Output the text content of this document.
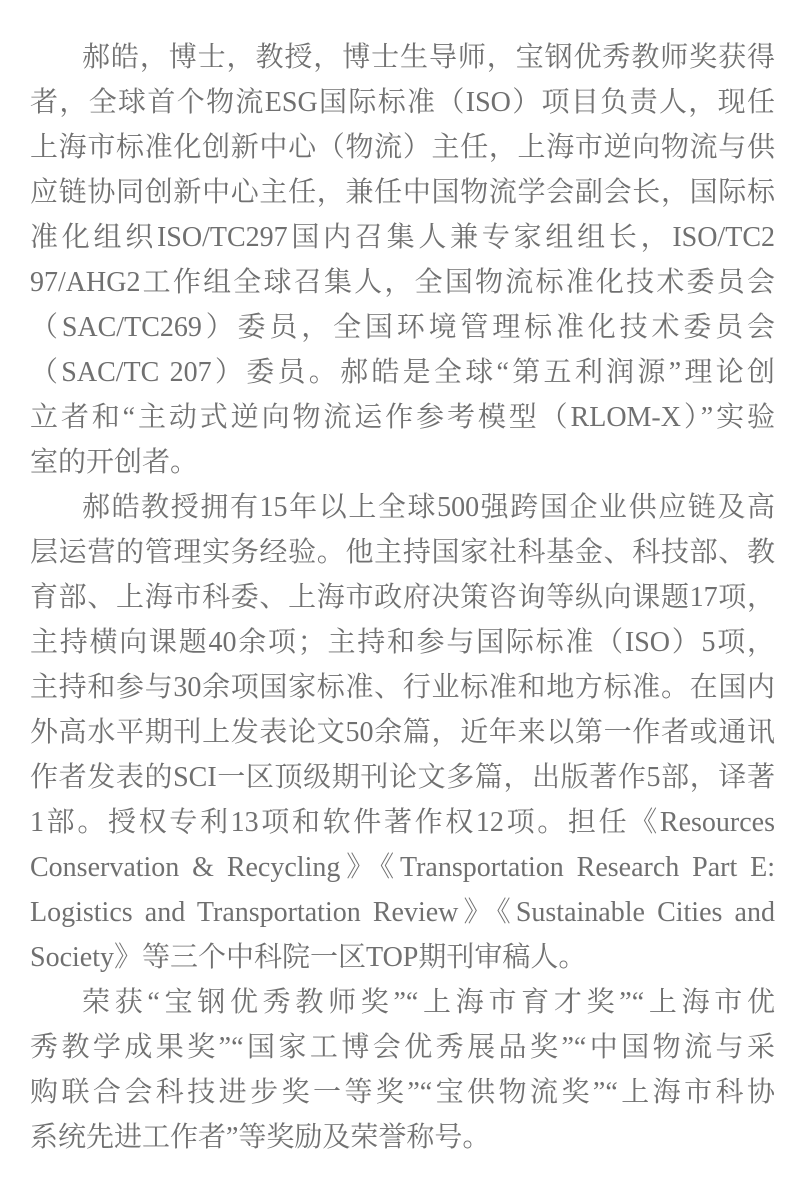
郝皓，博士，教授，博士生导师，宝钢优秀教师奖获得
者，全球首个物流ESG国际标准（ISO）项目负责人，现任
上海市标准化创新中心（物流）主任，上海市逆向物流与供
应链协同创新中心主任，兼任中国物流学会副会长，国际标
准化组织ISO/TC297国内召集人兼专家组组长，ISO/TC2
97/AHG2工作组全球召集人，全国物流标准化技术委员会
（SAC/TC269）委员，全国环境管理标准化技术委员会
（SAC/TC 207）委员。郝皓是全球“第五利润源”理论创
立者和“主动式逆向物流运作参考模型（RLOM-X）”实验
室的开创者。
郝皓教授拥有15年以上全球500强跨国企业供应链及高
层运营的管理实务经验。他主持国家社科基金、科技部、教
育部、上海市科委、上海市政府决策咨询等纵向课题17项，
主持横向课题40余项；主持和参与国际标准（ISO）5项，
主持和参与30余项国家标准、行业标准和地方标准。在国内
外高水平期刊上发表论文50余篇，近年来以第一作者或通讯
作者发表的SCI一区顶级期刊论文多篇，出版著作5部，译著
1部。授权专利13项和软件著作权12项。担任《Resources
Conservation & Recycling》《Transportation Research Part E:
Logistics and Transportation Review》《Sustainable Cities and
Society》等三个中科院一区TOP期刊审稿人。
荣获“宝钢优秀教师奖”“上海市育才奖”“上海市优
秀教学成果奖”“国家工博会优秀展品奖”“中国物流与采
购联合会科技进步奖一等奖”“宝供物流奖”“上海市科协
系统先进工作者”等奖励及荣誉称号。
